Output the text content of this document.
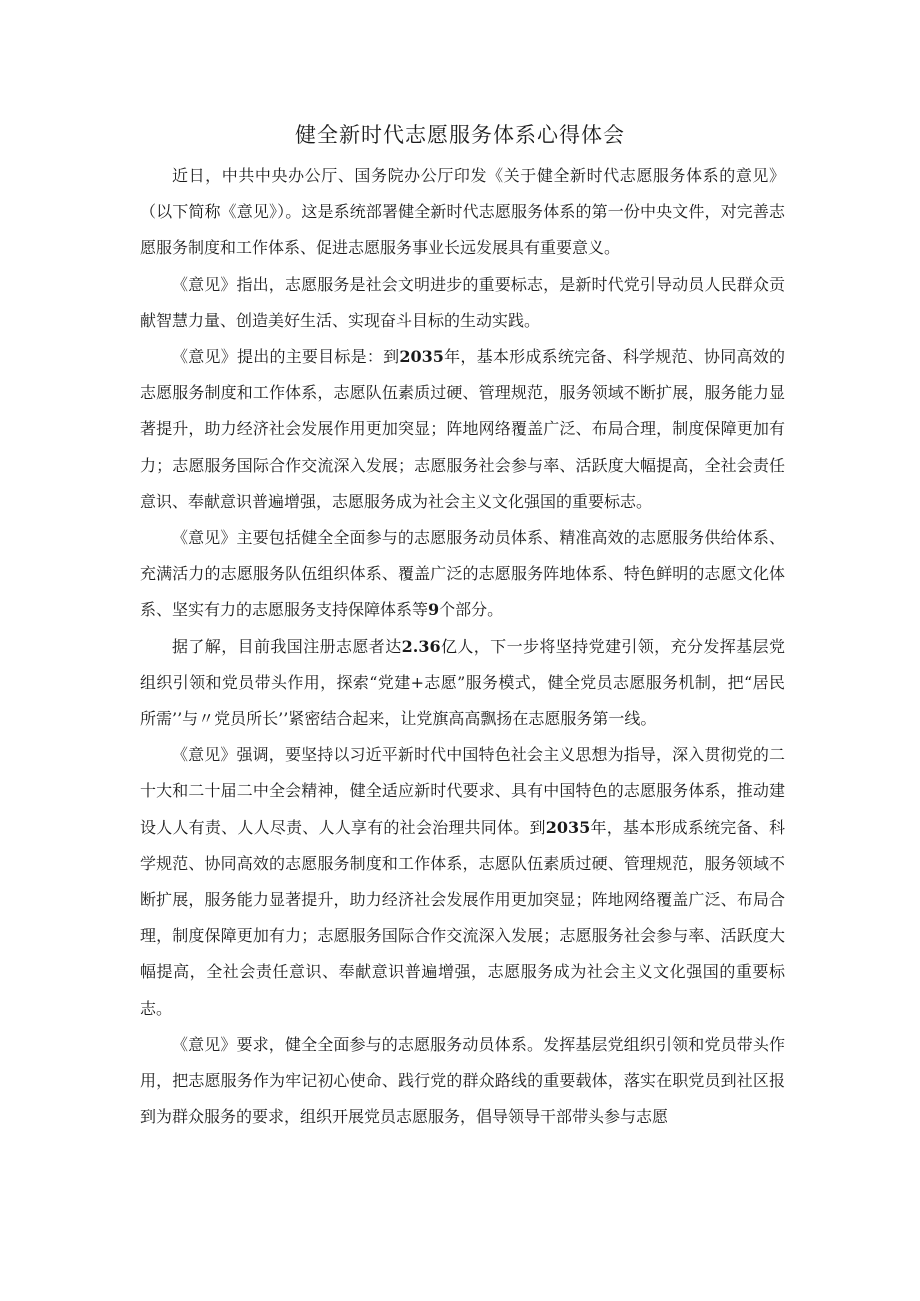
健全新时代志愿服务体系心得体会

近日，中共中央办公厅、国务院办公厅印发《关于健全新时代志愿服务体系的意见》（以下简称《意见》）。这是系统部署健全新时代志愿服务体系的第一份中央文件，对完善志愿服务制度和工作体系、促进志愿服务事业长远发展具有重要意义。

《意见》指出，志愿服务是社会文明进步的重要标志，是新时代党引导动员人民群众贡献智慧力量、创造美好生活、实现奋斗目标的生动实践。

《意见》提出的主要目标是：到2035年，基本形成系统完备、科学规范、协同高效的志愿服务制度和工作体系，志愿队伍素质过硬、管理规范，服务领域不断扩展，服务能力显著提升，助力经济社会发展作用更加突显；阵地网络覆盖广泛、布局合理，制度保障更加有力；志愿服务国际合作交流深入发展；志愿服务社会参与率、活跃度大幅提高，全社会责任意识、奉献意识普遍增强，志愿服务成为社会主义文化强国的重要标志。

《意见》主要包括健全全面参与的志愿服务动员体系、精准高效的志愿服务供给体系、充满活力的志愿服务队伍组织体系、覆盖广泛的志愿服务阵地体系、特色鲜明的志愿文化体系、坚实有力的志愿服务支持保障体系等9个部分。

据了解，目前我国注册志愿者达2.36亿人，下一步将坚持党建引领，充分发挥基层党组织引领和党员带头作用，探索“党建+志愿”服务模式，健全党员志愿服务机制，把“居民所需’’与〃党员所长’’紧密结合起来，让党旗高高飘扬在志愿服务第一线。

《意见》强调，要坚持以习近平新时代中国特色社会主义思想为指导，深入贯彻党的二十大和二十届二中全会精神，健全适应新时代要求、具有中国特色的志愿服务体系，推动建设人人有责、人人尽责、人人享有的社会治理共同体。到2035年，基本形成系统完备、科学规范、协同高效的志愿服务制度和工作体系，志愿队伍素质过硬、管理规范，服务领域不断扩展，服务能力显著提升，助力经济社会发展作用更加突显；阵地网络覆盖广泛、布局合理，制度保障更加有力；志愿服务国际合作交流深入发展；志愿服务社会参与率、活跃度大幅提高，全社会责任意识、奉献意识普遍增强，志愿服务成为社会主义文化强国的重要标志。

《意见》要求，健全全面参与的志愿服务动员体系。发挥基层党组织引领和党员带头作用，把志愿服务作为牢记初心使命、践行党的群众路线的重要载体，落实在职党员到社区报到为群众服务的要求，组织开展党员志愿服务，倡导领导干部带头参与志愿
